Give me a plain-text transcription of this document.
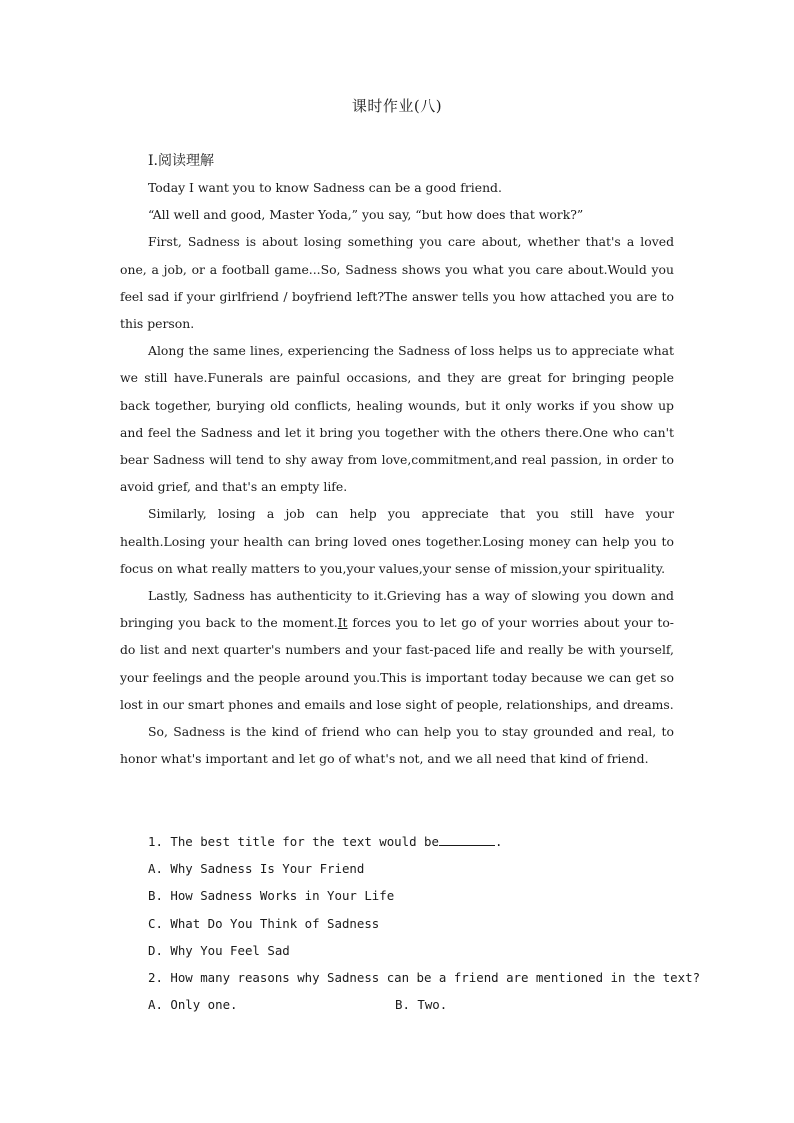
课时作业(八)
Ⅰ.阅读理解

Today I want you to know Sadness can be a good friend.

“All well and good, Master Yoda,” you say, “but how does that work?”

First, Sadness is about losing something you care about, whether that's a loved one, a job, or a football game...So, Sadness shows you what you care about.Would you feel sad if your girlfriend / boyfriend left?The answer tells you how attached you are to this person.

Along the same lines, experiencing the Sadness of loss helps us to appreciate what we still have.Funerals are painful occasions, and they are great for bringing people back together, burying old conflicts, healing wounds, but it only works if you show up and feel the Sadness and let it bring you together with the others there.One who can't bear Sadness will tend to shy away from love,commitment,and real passion, in order to avoid grief, and that's an empty life.

Similarly, losing a job can help you appreciate that you still have your health.Losing your health can bring loved ones together.Losing money can help you to focus on what really matters to you,your values,your sense of mission,your spirituality.

Lastly, Sadness has authenticity to it.Grieving has a way of slowing you down and bringing you back to the moment.It forces you to let go of your worries about your to-do list and next quarter's numbers and your fast-paced life and really be with yourself, your feelings and the people around you.This is important today because we can get so lost in our smart phones and emails and lose sight of people, relationships, and dreams.

So, Sadness is the kind of friend who can help you to stay grounded and real, to honor what's important and let go of what's not, and we all need that kind of friend.

1. The best title for the text would be	.
A. Why Sadness Is Your Friend
B. How Sadness Works in Your Life
C. What Do You Think of Sadness
D. Why You Feel Sad
2. How many reasons why Sadness can be a friend are mentioned in the text?
A. Only one.	B. Two.
